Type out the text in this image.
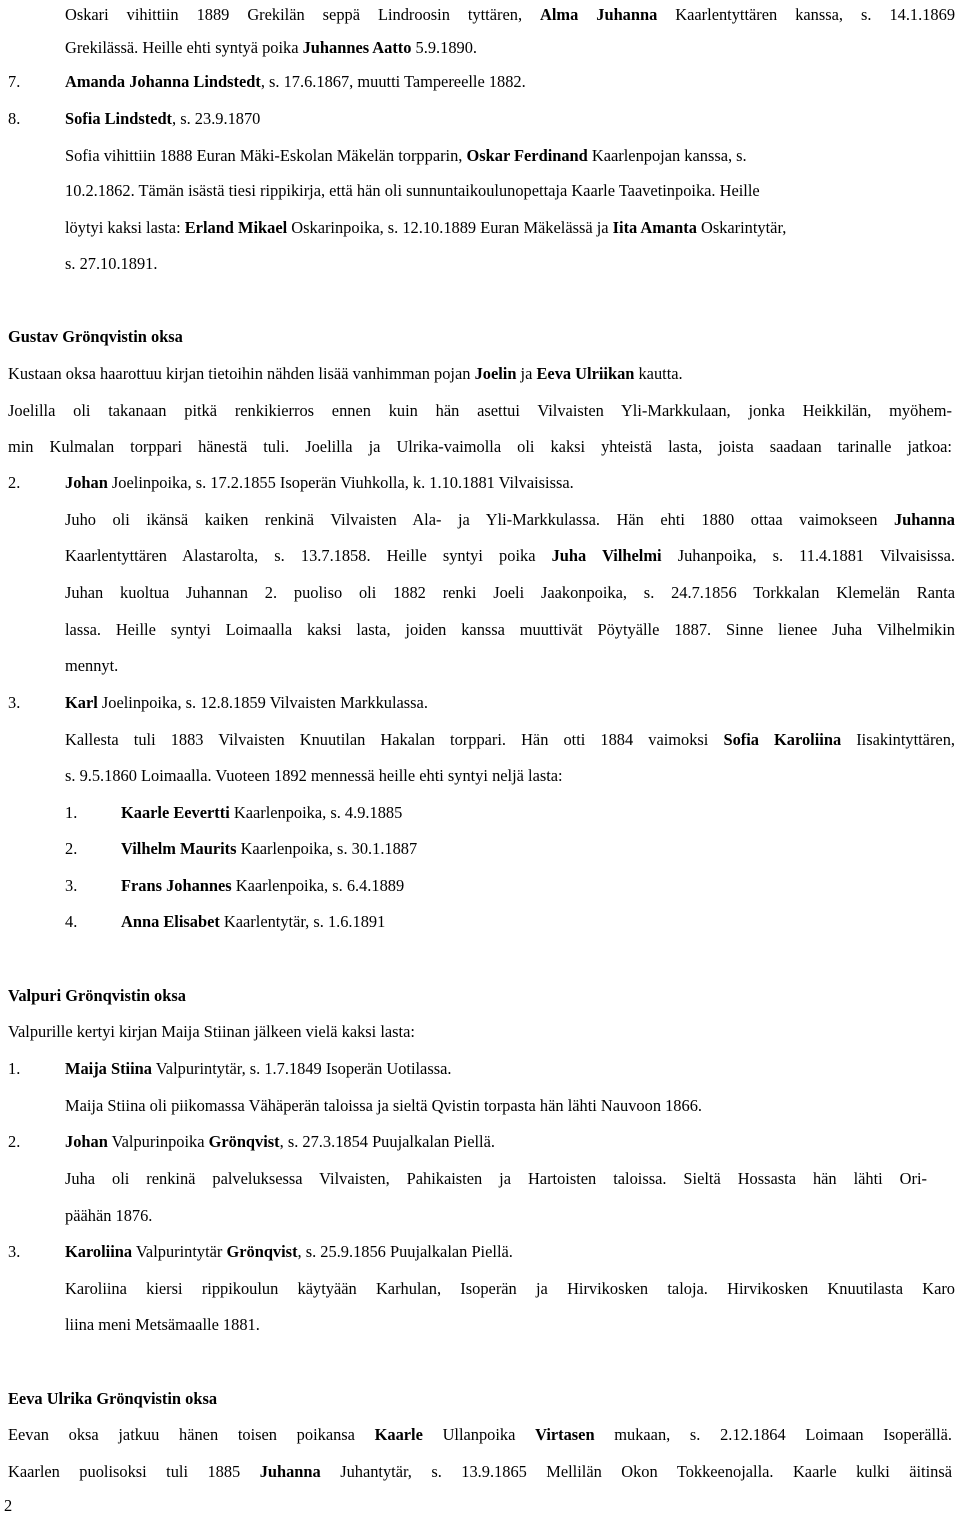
2
Oskari vihittiin 1889 Grekilän seppä Lindroosin tyttären, Alma Juhanna Kaarlentyttären kanssa, s. 14.1.1869
Grekilässä. Heille ehti syntyä poika Juhannes Aatto 5.9.1890.
7.	Amanda Johanna Lindstedt, s. 17.6.1867, muutti Tampereelle 1882.
8.	Sofia Lindstedt, s. 23.9.1870
Sofia vihittiin 1888 Euran Mäki-Eskolan Mäkelän torpparin, Oskar Ferdinand Kaarlenpojan kanssa, s.
10.2.1862. Tämän isästä tiesi rippikirja, että hän oli sunnuntaikoulunopettaja Kaarle Taavetinpoika. Heille
löytyi kaksi lasta: Erland Mikael Oskarinpoika, s. 12.10.1889 Euran Mäkelässä ja Iita Amanta Oskarintytär,
s. 27.10.1891.
Gustav Grönqvistin oksa
Kustaan oksa haarottuu kirjan tietoihin nähden lisää vanhimman pojan Joelin ja Eeva Ulriikan kautta.
Joelilla oli takanaan pitkä renkikierros ennen kuin hän asettui Vilvaisten Yli-Markkulaan, jonka Heikkilän, myöhem-
min Kulmalan torppari hänestä tuli. Joelilla ja Ulrika-vaimolla oli kaksi yhteistä lasta, joista saadaan tarinalle jatkoa:
2.	Johan Joelinpoika, s. 17.2.1855 Isoperän Viuhkolla, k. 1.10.1881 Vilvaisissa.
Juho oli ikänsä kaiken renkinä Vilvaisten Ala- ja Yli-Markkulassa. Hän ehti 1880 ottaa vaimokseen Juhanna
Kaarlentyttären Alastarolta, s. 13.7.1858. Heille syntyi poika Juha Vilhelmi Juhanpoika, s. 11.4.1881 Vilvaisissa.
Juhan kuoltua Juhannan 2. puoliso oli 1882 renki Joeli Jaakonpoika, s. 24.7.1856 Torkkalan Klemelän Ranta
lassa. Heille syntyi Loimaalla kaksi lasta, joiden kanssa muuttivät Pöytyälle 1887. Sinne lienee Juha Vilhelmikin
mennyt.
3.	Karl Joelinpoika, s. 12.8.1859 Vilvaisten Markkulassa.
Kallesta tuli 1883 Vilvaisten Knuutilan Hakalan torppari. Hän otti 1884 vaimoksi Sofia Karoliina Iisakintyttären,
s. 9.5.1860 Loimaalla. Vuoteen 1892 mennessä heille ehti syntyi neljä lasta:
1.	Kaarle Eevertti Kaarlenpoika, s. 4.9.1885
2.	Vilhelm Maurits Kaarlenpoika, s. 30.1.1887
3.	Frans Johannes Kaarlenpoika, s. 6.4.1889
4.	Anna Elisabet Kaarlentytär, s. 1.6.1891
Valpuri Grönqvistin oksa
Valpurille kertyi kirjan Maija Stiinan jälkeen vielä kaksi lasta:
1.	Maija Stiina Valpurintytär, s. 1.7.1849 Isoperän Uotilassa.
Maija Stiina oli piikomassa Vähäperän taloissa ja sieltä Qvistin torpasta hän lähti Nauvoon 1866.
2.	Johan Valpurinpoika Grönqvist, s. 27.3.1854 Puujalkalan Piellä.
Juha oli renkinä palveluksessa Vilvaisten, Pahikaisten ja Hartoisten taloissa. Sieltä Hossasta hän lähti Ori-
päähän 1876.
3.	Karoliina Valpurintytär Grönqvist, s. 25.9.1856 Puujalkalan Piellä.
Karoliina kiersi rippikoulun käytyään Karhulan, Isoperän ja Hirvikosken taloja. Hirvikosken Knuutilasta Karo
liina meni Metsämaalle 1881.
Eeva Ulrika Grönqvistin oksa
Eevan oksa jatkuu hänen toisen poikansa Kaarle Ullanpoika Virtasen mukaan, s. 2.12.1864 Loimaan Isoperällä.
Kaarlen puolisoksi tuli 1885 Juhanna Juhantytär, s. 13.9.1865 Mellilän Okon Tokkeenojalla. Kaarle kulki äitinsä
